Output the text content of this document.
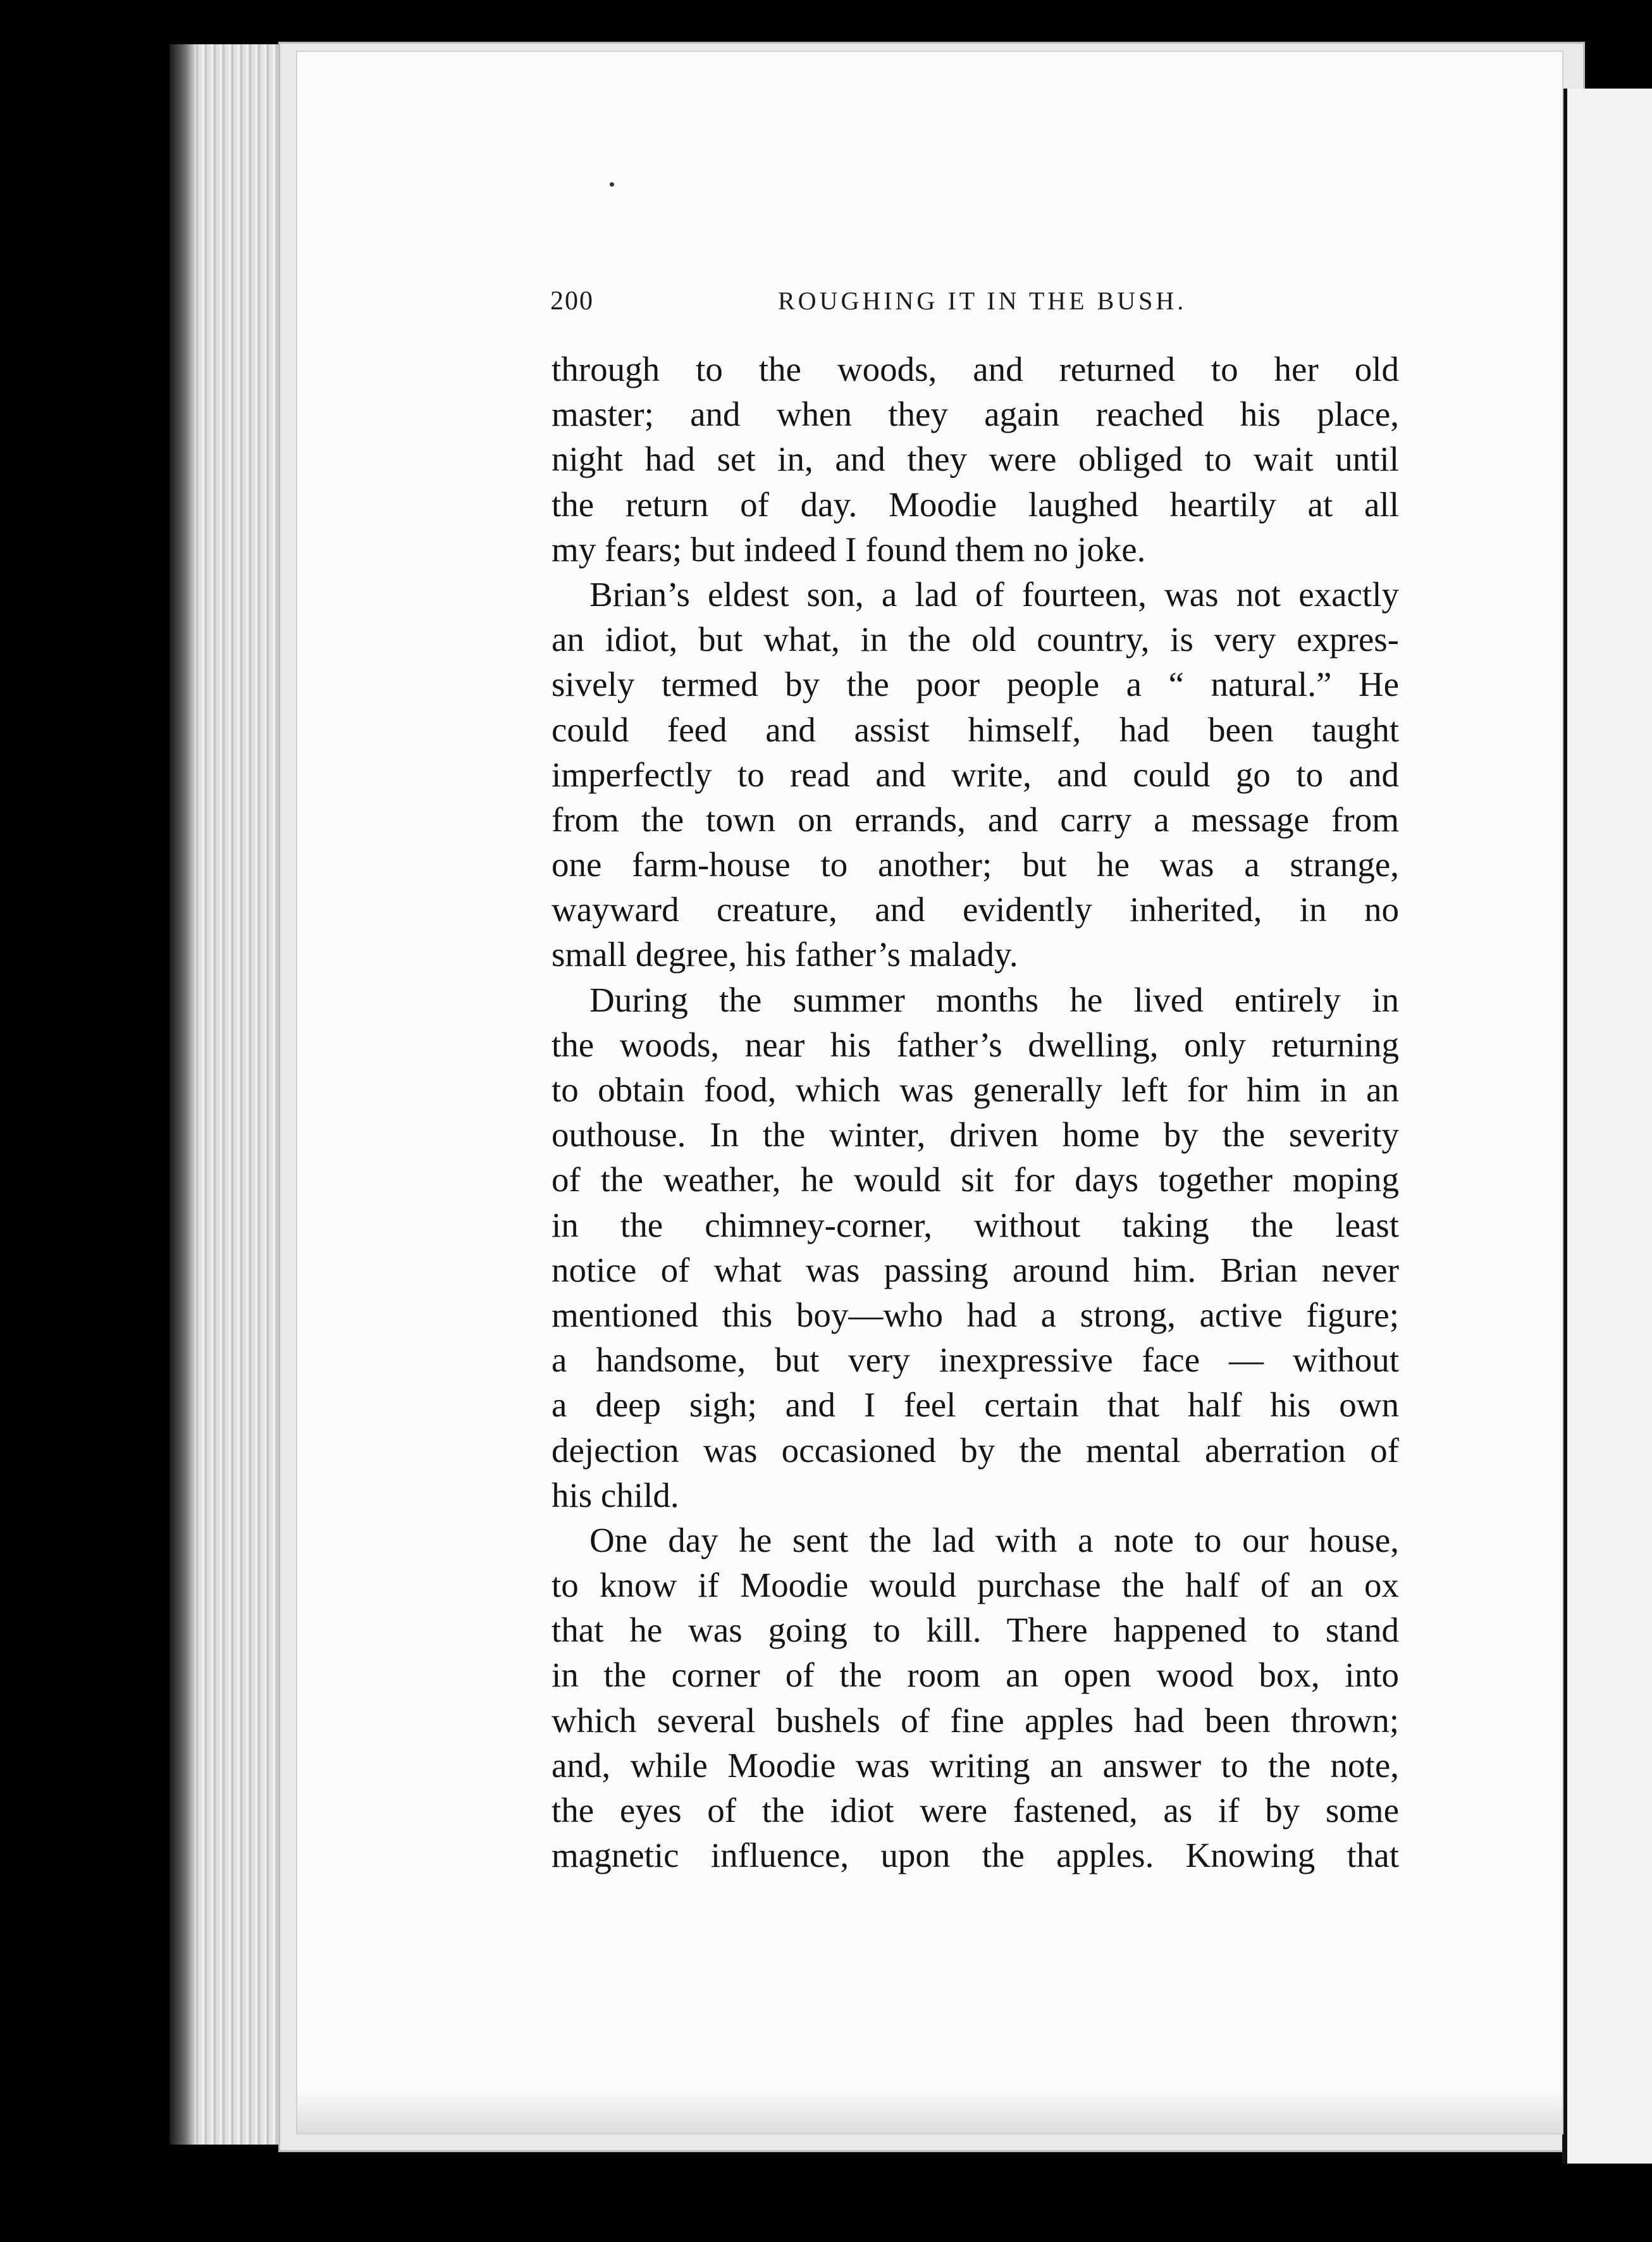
200	ROUGHING IT IN THE BUSH.
through to the woods, and returned to her old
master; and when they again reached his place,
night had set in, and they were obliged to wait until
the return of day. Moodie laughed heartily at all
my fears; but indeed I found them no joke.
Brian’s eldest son, a lad of fourteen, was not exactly
an idiot, but what, in the old country, is very expres-
sively termed by the poor people a “ natural.” He
could feed and assist himself, had been taught
imperfectly to read and write, and could go to and
from the town on errands, and carry a message from
one farm-house to another; but he was a strange,
wayward creature, and evidently inherited, in no
small degree, his father’s malady.
During the summer months he lived entirely in
the woods, near his father’s dwelling, only returning
to obtain food, which was generally left for him in an
outhouse. In the winter, driven home by the severity
of the weather, he would sit for days together moping
in the chimney-corner, without taking the least
notice of what was passing around him. Brian never
mentioned this boy—who had a strong, active figure;
a handsome, but very inexpressive face — without
a deep sigh; and I feel certain that half his own
dejection was occasioned by the mental aberration of
his child.
One day he sent the lad with a note to our house,
to know if Moodie would purchase the half of an ox
that he was going to kill. There happened to stand
in the corner of the room an open wood box, into
which several bushels of fine apples had been thrown;
and, while Moodie was writing an answer to the note,
the eyes of the idiot were fastened, as if by some
magnetic influence, upon the apples. Knowing that
